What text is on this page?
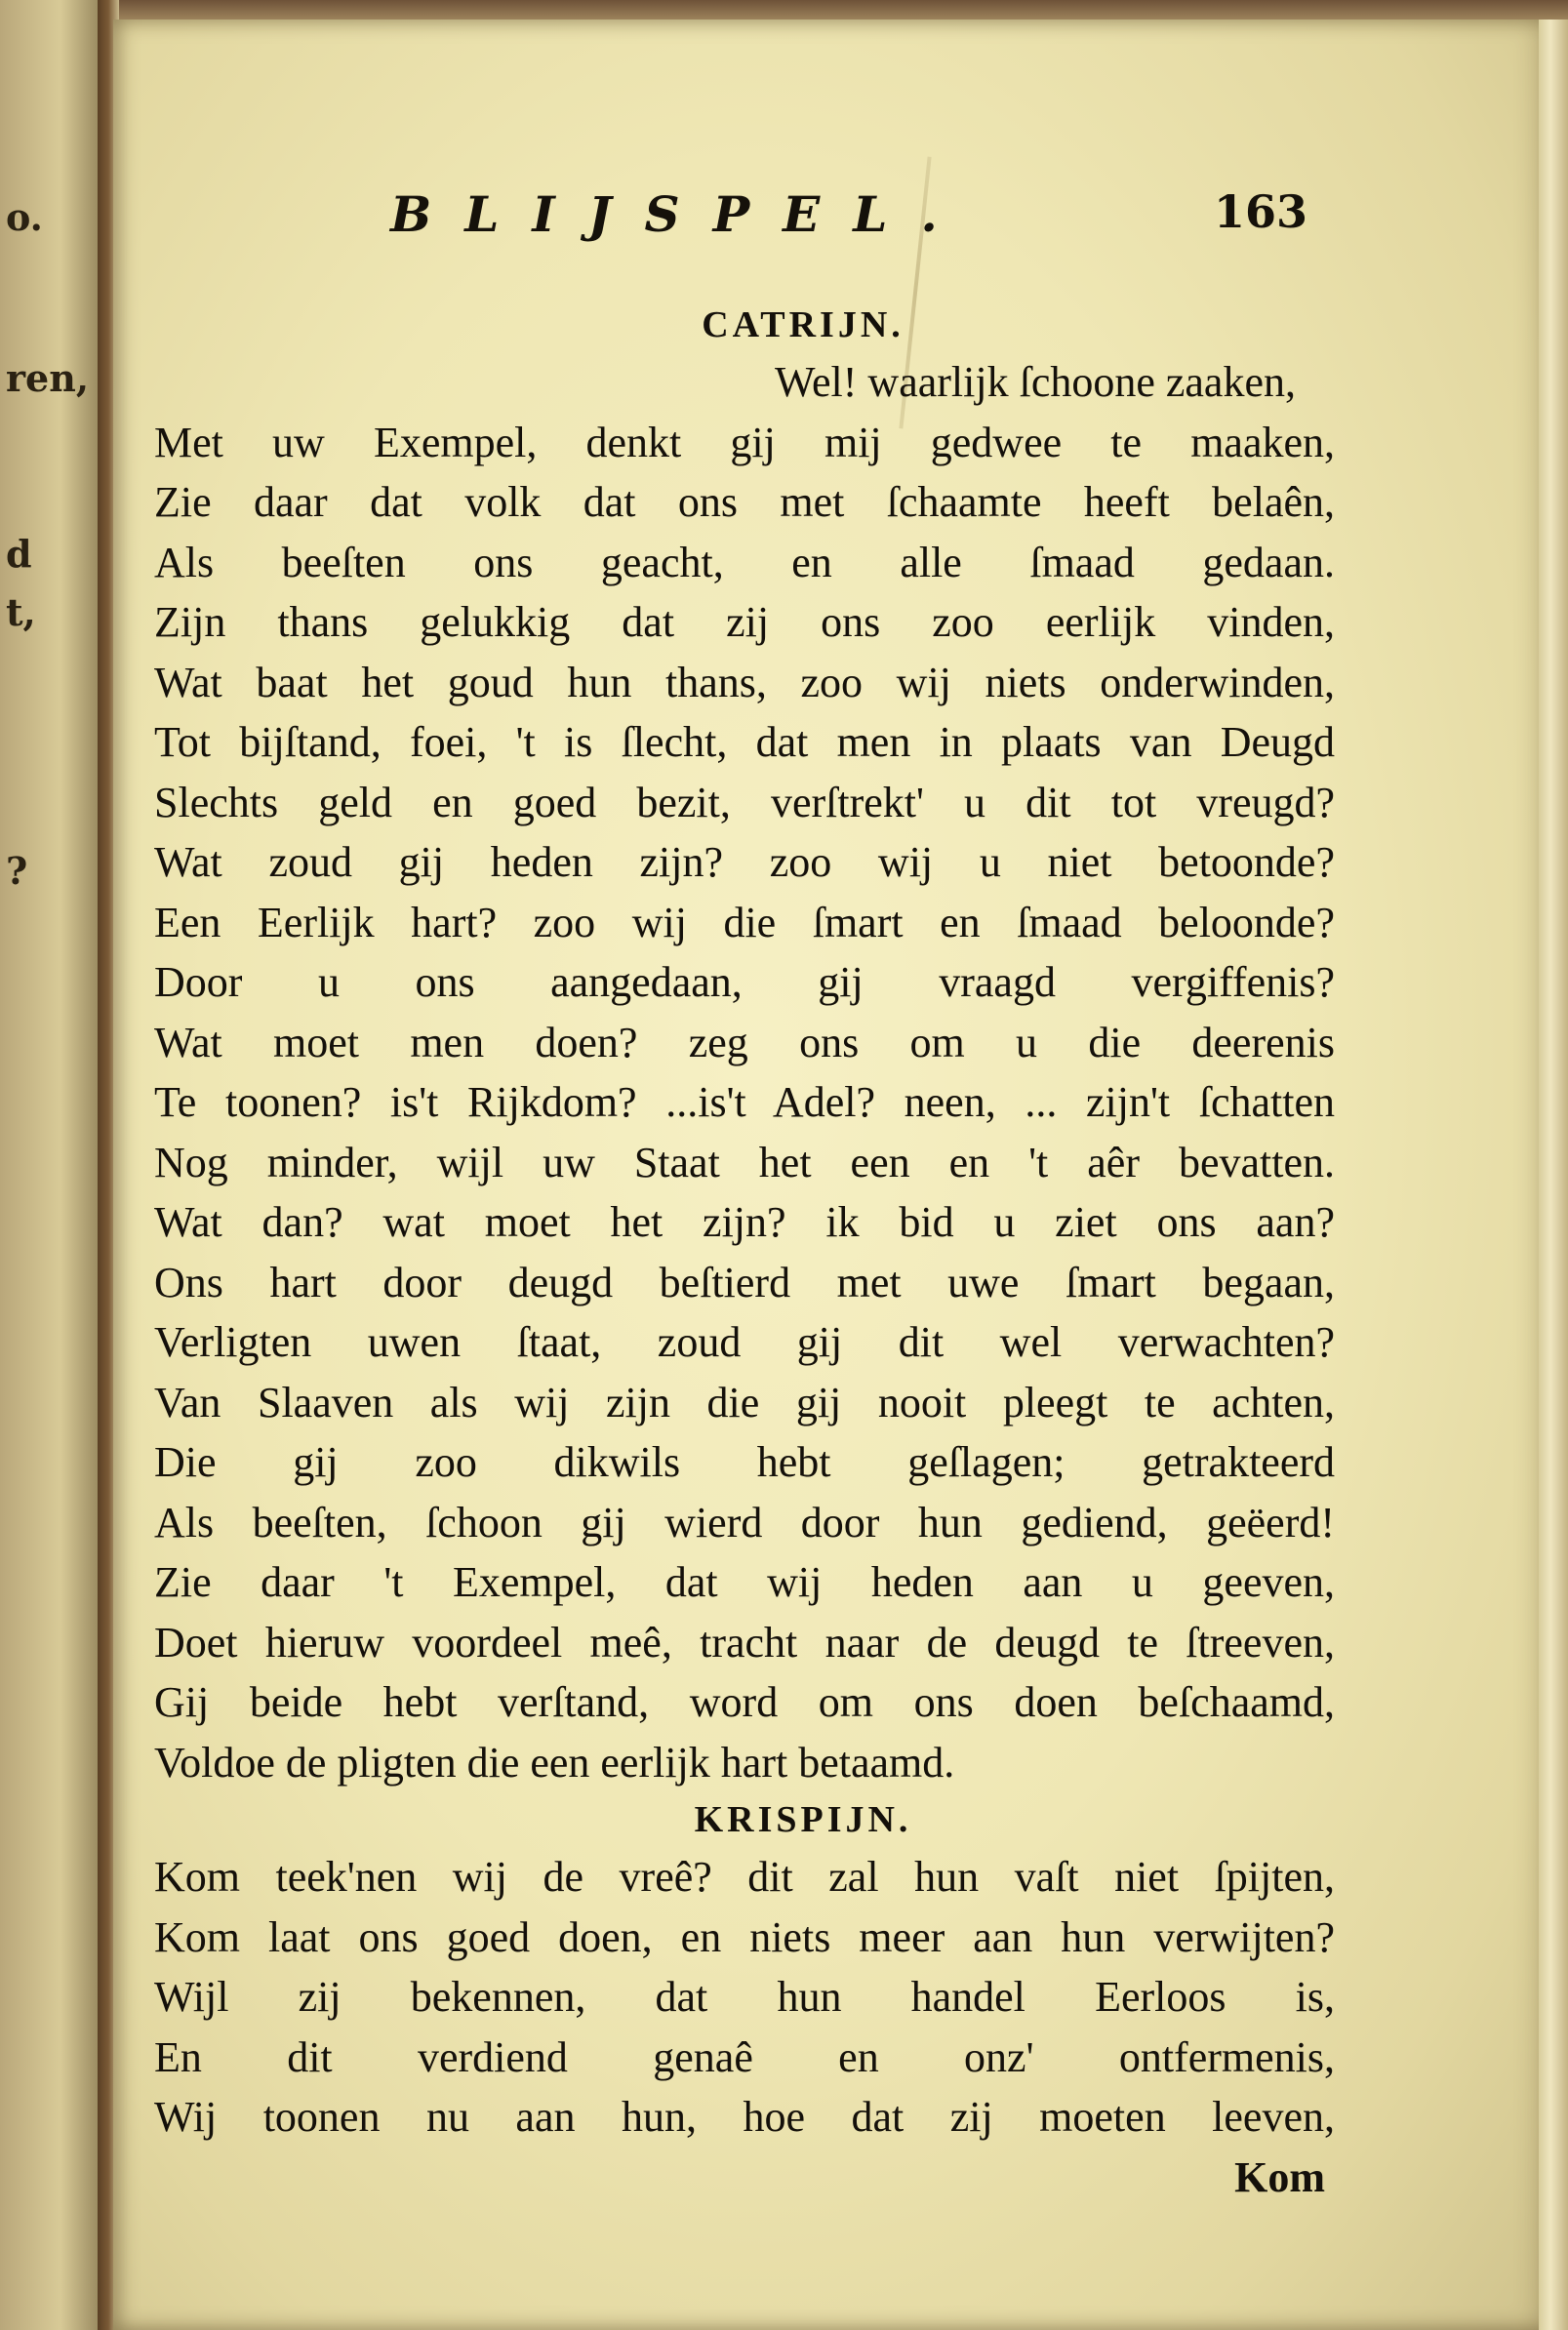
o.
ren,
d
t,
?
BLIJSPEL.	163
CATRIJN.
Wel! waarlijk ſchoone zaaken,
Met uw Exempel, denkt gij mij gedwee te maaken,
Zie daar dat volk dat ons met ſchaamte heeft belaên,
Als beeſten ons geacht, en alle ſmaad gedaan.
Zijn thans gelukkig dat zij ons zoo eerlijk vinden,
Wat baat het goud hun thans, zoo wij niets onderwinden,
Tot bijſtand, foei, 't is ſlecht, dat men in plaats van Deugd
Slechts geld en goed bezit, verſtrekt' u dit tot vreugd?
Wat zoud gij heden zijn? zoo wij u niet betoonde?
Een Eerlijk hart? zoo wij die ſmart en ſmaad beloonde?
Door u ons aangedaan, gij vraagd vergiffenis?
Wat moet men doen? zeg ons om u die deerenis
Te toonen? is't Rijkdom? ...is't Adel? neen, ... zijn't ſchatten
Nog minder, wijl uw Staat het een en 't aêr bevatten.
Wat dan? wat moet het zijn? ik bid u ziet ons aan?
Ons hart door deugd beſtierd met uwe ſmart begaan,
Verligten uwen ſtaat, zoud gij dit wel verwachten?
Van Slaaven als wij zijn die gij nooit pleegt te achten,
Die gij zoo dikwils hebt geſlagen; getrakteerd
Als beeſten, ſchoon gij wierd door hun gediend, geëerd!
Zie daar 't Exempel, dat wij heden aan u geeven,
Doet hieruw voordeel meê, tracht naar de deugd te ſtreeven,
Gij beide hebt verſtand, word om ons doen beſchaamd,
Voldoe de pligten die een eerlijk hart betaamd.
KRISPIJN.
Kom teek'nen wij de vreê? dit zal hun vaſt niet ſpijten,
Kom laat ons goed doen, en niets meer aan hun verwijten?
Wijl zij bekennen, dat hun handel Eerloos is,
En dit verdiend genaê en onz' ontfermenis,
Wij toonen nu aan hun, hoe dat zij moeten leeven,
Kom
